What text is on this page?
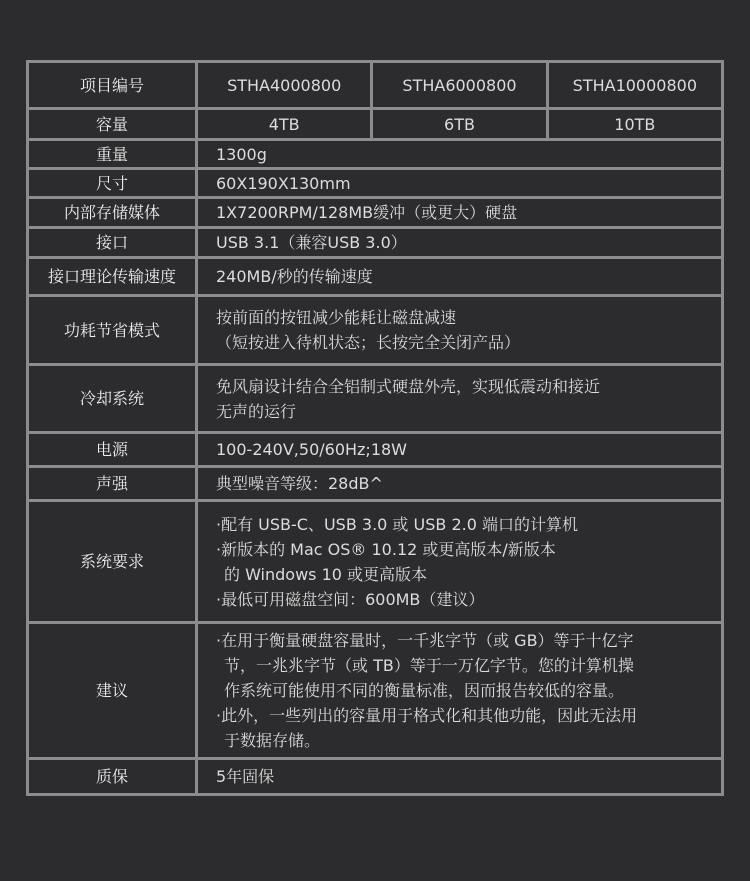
项目编号	STHA4000800	STHA6000800	STHA10000800
容量	4TB	6TB	10TB
重量	1300g		
尺寸	60X190X130mm		
内部存储媒体	1X7200RPM/128MB缓冲（或更大）硬盘		
接口	USB 3.1（兼容USB 3.0）		
接口理论传输速度	240MB/秒的传输速度		
功耗节省模式	按前面的按钮减少能耗让磁盘减速
（短按进入待机状态；长按完全关闭产品）		

冷却系统	免风扇设计结合全铝制式硬盘外壳，实现低震动和接近
无声的运行		

电源	100-240V,50/60Hz;18W		
声强	典型噪音等级：28dB^		
系统要求	·配有 USB-C、USB 3.0 或 USB 2.0 端口的计算机
·新版本的 Mac OS® 10.12 或更高版本/新版本
的 Windows 10 或更高版本
·最低可用磁盘空间：600MB（建议）		

建议	·在用于衡量硬盘容量时，一千兆字节（或 GB）等于十亿字
节，一兆兆字节（或 TB）等于一万亿字节。您的计算机操
作系统可能使用不同的衡量标准，因而报告较低的容量。
·此外，一些列出的容量用于格式化和其他功能，因此无法用
于数据存储。		

质保	5年固保		
